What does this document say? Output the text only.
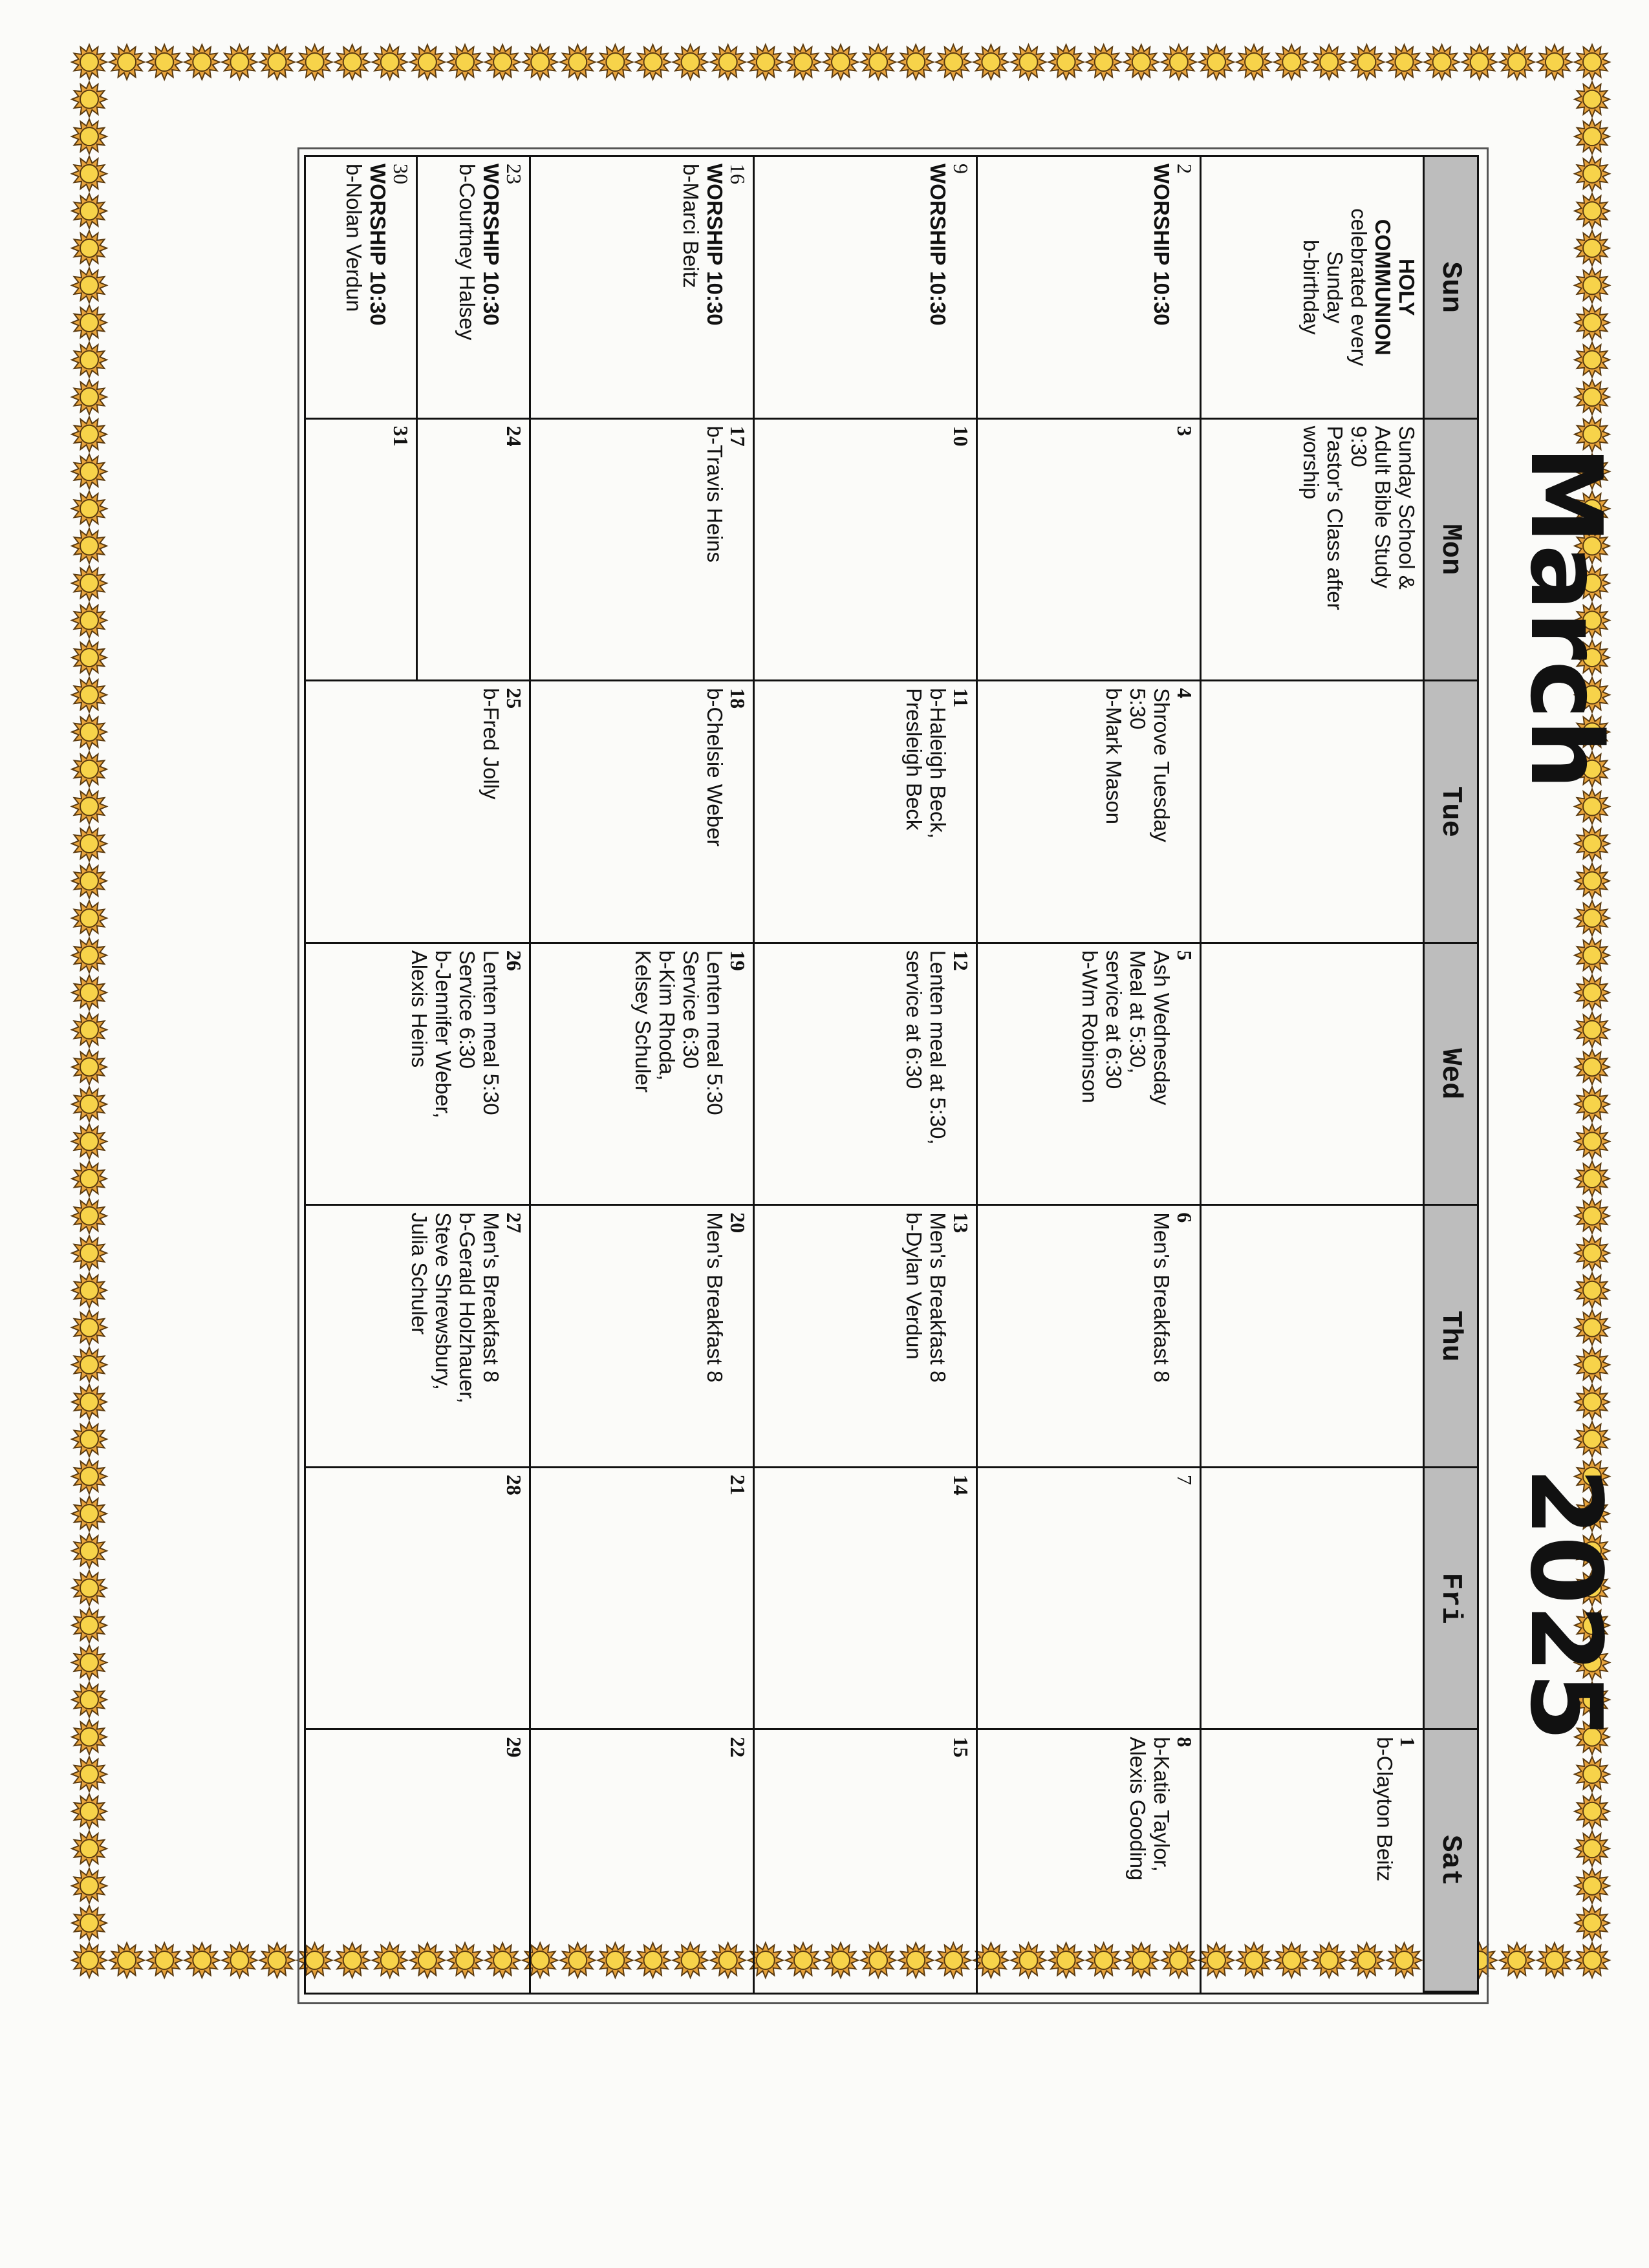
March
2025
Sun
Mon
Tue
Wed
Thu
Fri
Sat
HOLY
COMMUNION
celebrated every
Sunday
b-birthday
Sunday School &
Adult Bible Study
9:30
Pastor's Class after
worship
1
b-Clayton Beitz
2
WORSHIP 10:30
3
4
Shrove Tuesday
5:30
b-Mark Mason
5
Ash Wednesday
Meal at 5:30,
service at 6:30
b-Wm Robinson
6
Men's Breakfast 8
7
8
b-Katie Taylor,
Alexis Gooding
9
WORSHIP 10:30
10
11
b-Haleigh Beck,
Presleigh Beck
12
Lenten meal at 5:30,
service at 6:30
13
Men's Breakfast 8
b-Dylan Verdun
14
15
16
WORSHIP 10:30
b-Marci Beitz
17
b-Travis Heins
18
b-Chelsie Weber
19
Lenten meal 5:30
Service 6:30
b-Kim Rhoda,
Kelsey Schuler
20
Men's Breakfast 8
21
22
23
WORSHIP 10:30
b-Courtney Halsey
30
WORSHIP 10:30
b-Nolan Verdun
24
31
25
b-Fred Jolly
26
Lenten meal 5:30
Service 6:30
b-Jennifer Weber,
Alexis Heins
27
Men's Breakfast 8
b-Gerald Holzhauer,
Steve Shrewsbury,
Julia Schuler
28
29
